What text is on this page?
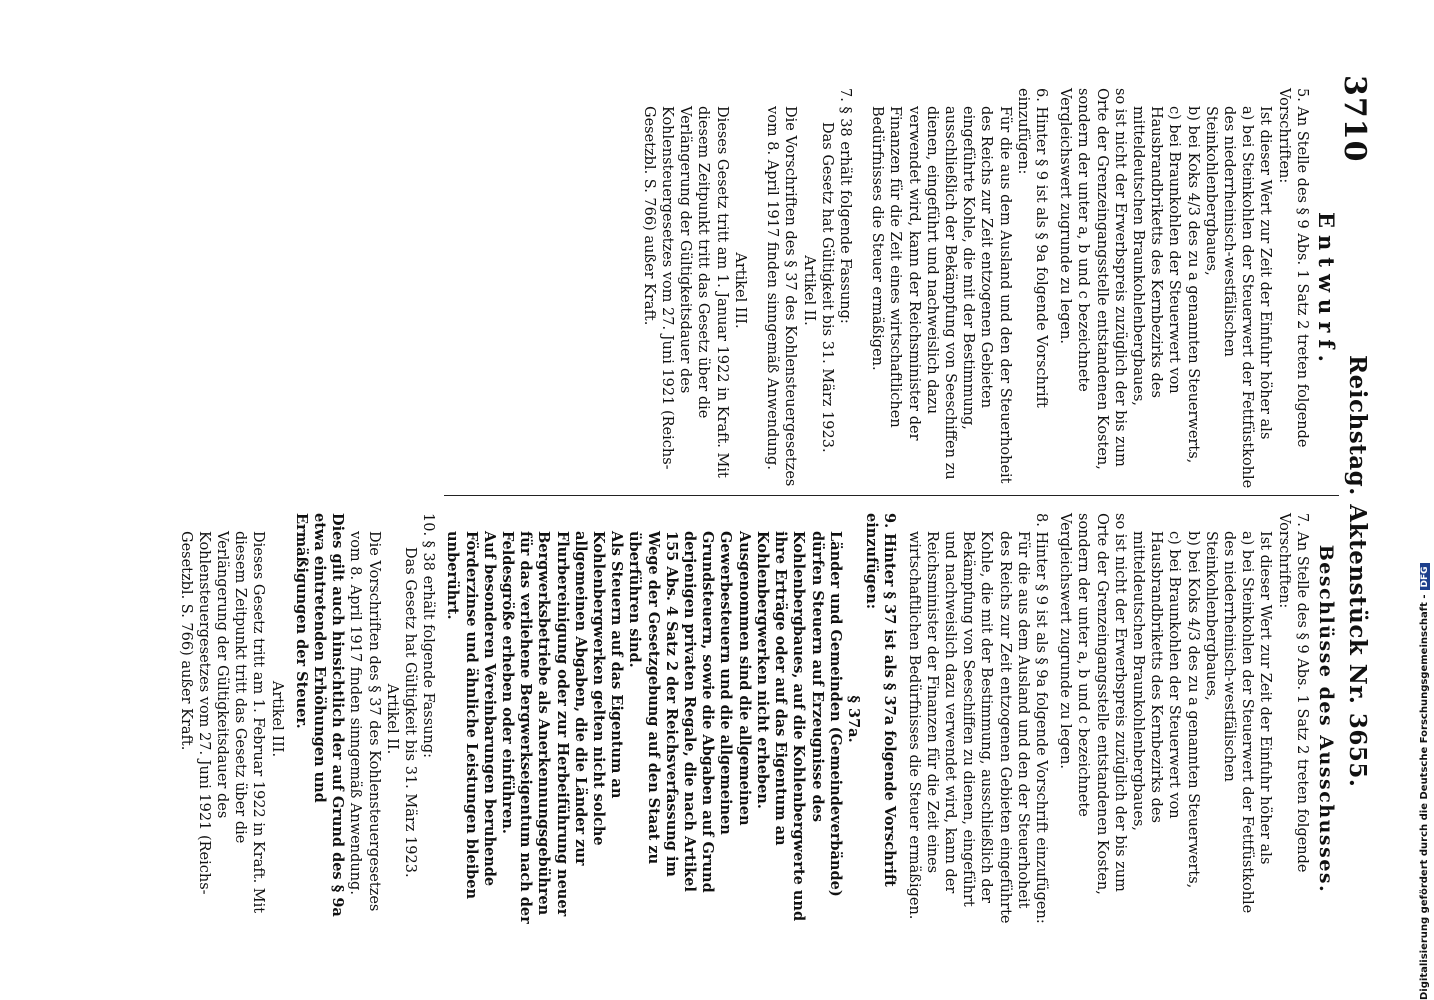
3710
Reichstag. Aktenstück Nr. 3655.

Entwurf.

5. An Stelle des § 9 Abs. 1 Satz 2 treten folgende Vorschriften:

Ist dieser Wert zur Zeit der Einfuhr höher als

a) bei Steinkohlen der Steuerwert der Fettfüstkohle des niederrheinisch-westfälischen Steinkohlenbergbaues,

b) bei Koks 4/3 des zu a genannten Steuerwerts,

c) bei Braunkohlen der Steuerwert von Hausbrandbriketts des Kernbezirks des mitteldeutschen Braunkohlenbergbaues,

so ist nicht der Erwerbspreis zuzüglich der bis zum Orte der Grenzeingangsstelle entstandenen Kosten, sondern der unter a, b und c bezeichnete Vergleichswert zugrunde zu legen.

6. Hinter § 9 ist als § 9a folgende Vorschrift einzufügen:

Für die aus dem Ausland und den der Steuerhoheit des Reichs zur Zeit entzogenen Gebieten eingeführte Kohle, die mit der Bestimmung, ausschließlich der Bekämpfung von Seeschiffen zu dienen, eingeführt und nachweislich dazu verwendet wird, kann der Reichsminister der Finanzen für die Zeit eines wirtschaftlichen Bedürfnisses die Steuer ermäßigen.

7. § 38 erhält folgende Fassung:

Das Gesetz hat Gültigkeit bis 31. März 1923.

Artikel II.

Die Vorschriften des § 37 des Kohlensteuergesetzes vom 8. April 1917 finden sinngemäß Anwendung.

Artikel III.

Dieses Gesetz tritt am 1. Januar 1922 in Kraft. Mit diesem Zeitpunkt tritt das Gesetz über die Verlängerung der Gültigkeitsdauer des Kohlensteuergesetzes vom 27. Juni 1921 (Reichs-Gesetzbl. S. 766) außer Kraft.

Beschlüsse des Ausschusses.

7. An Stelle des § 9 Abs. 1 Satz 2 treten folgende Vorschriften:

Ist dieser Wert zur Zeit der Einfuhr höher als

a) bei Steinkohlen der Steuerwert der Fettfüstkohle des niederrheinisch-westfälischen Steinkohlenbergbaues,

b) bei Koks 4/3 des zu a genannten Steuerwerts,

c) bei Braunkohlen der Steuerwert von Hausbrandbriketts des Kernbezirks des mitteldeutschen Braunkohlenbergbaues,

so ist nicht der Erwerbspreis zuzüglich der bis zum Orte der Grenzeingangsstelle entstandenen Kosten, sondern der unter a, b und c bezeichnete Vergleichswert zugrunde zu legen.

8. Hinter § 9 ist als § 9a folgende Vorschrift einzufügen:

Für die aus dem Ausland und den der Steuerhoheit des Reichs zur Zeit entzogenen Gebieten eingeführte Kohle, die mit der Bestimmung, ausschließlich der Bekämpfung von Seeschiffen zu dienen, eingeführt und nachweislich dazu verwendet wird, kann der Reichsminister der Finanzen für die Zeit eines wirtschaftlichen Bedürfnisses die Steuer ermäßigen.

9. Hinter § 37 ist als § 37a folgende Vorschrift einzufügen:

§ 37a.

Länder und Gemeinden (Gemeindeverbände) dürfen Steuern auf Erzeugnisse des Kohlenbergbaues, auf die Kohlenbergwerte und ihre Erträge oder auf das Eigentum an Kohlenbergwerken nicht erheben.

Ausgenommen sind die allgemeinen Gewerbesteuern und die allgemeinen Grundsteuern, sowie die Abgaben auf Grund derjenigen privaten Regale, die nach Artikel 155 Abs. 4 Satz 2 der Reichsverfassung im Wege der Gesetzgebung auf den Staat zu überführen sind.

Als Steuern auf das Eigentum an Kohlenbergwerken gelten nicht solche allgemeinen Abgaben, die die Länder zur Flurbereinigung oder zur Herbeiführung neuer Bergwerksbetriebe als Anerkennungsgebühren für das verliehene Bergwerkseigentum nach der Feldesgröße erheben oder einführen.

Auf besonderen Vereinbarungen beruhende Förderzinse und ähnliche Leistungen bleiben unberührt.

10. § 38 erhält folgende Fassung:

Das Gesetz hat Gültigkeit bis 31. März 1923.

Artikel II.

Die Vorschriften des § 37 des Kohlensteuergesetzes vom 8. April 1917 finden sinngemäß Anwendung.

Dies gilt auch hinsichtlich der auf Grund des § 9a etwa eintretenden Erhöhungen und Ermäßigungen der Steuer.

Artikel III.

Dieses Gesetz tritt am 1. Februar 1922 in Kraft. Mit diesem Zeitpunkt tritt das Gesetz über die Verlängerung der Gültigkeitsdauer des Kohlensteuergesetzes vom 27. Juni 1921 (Reichs-Gesetzbl. S. 766) außer Kraft.	Digitalisierung gefördert durch die Deutsche Forschungsgemeinschaft -DFG
